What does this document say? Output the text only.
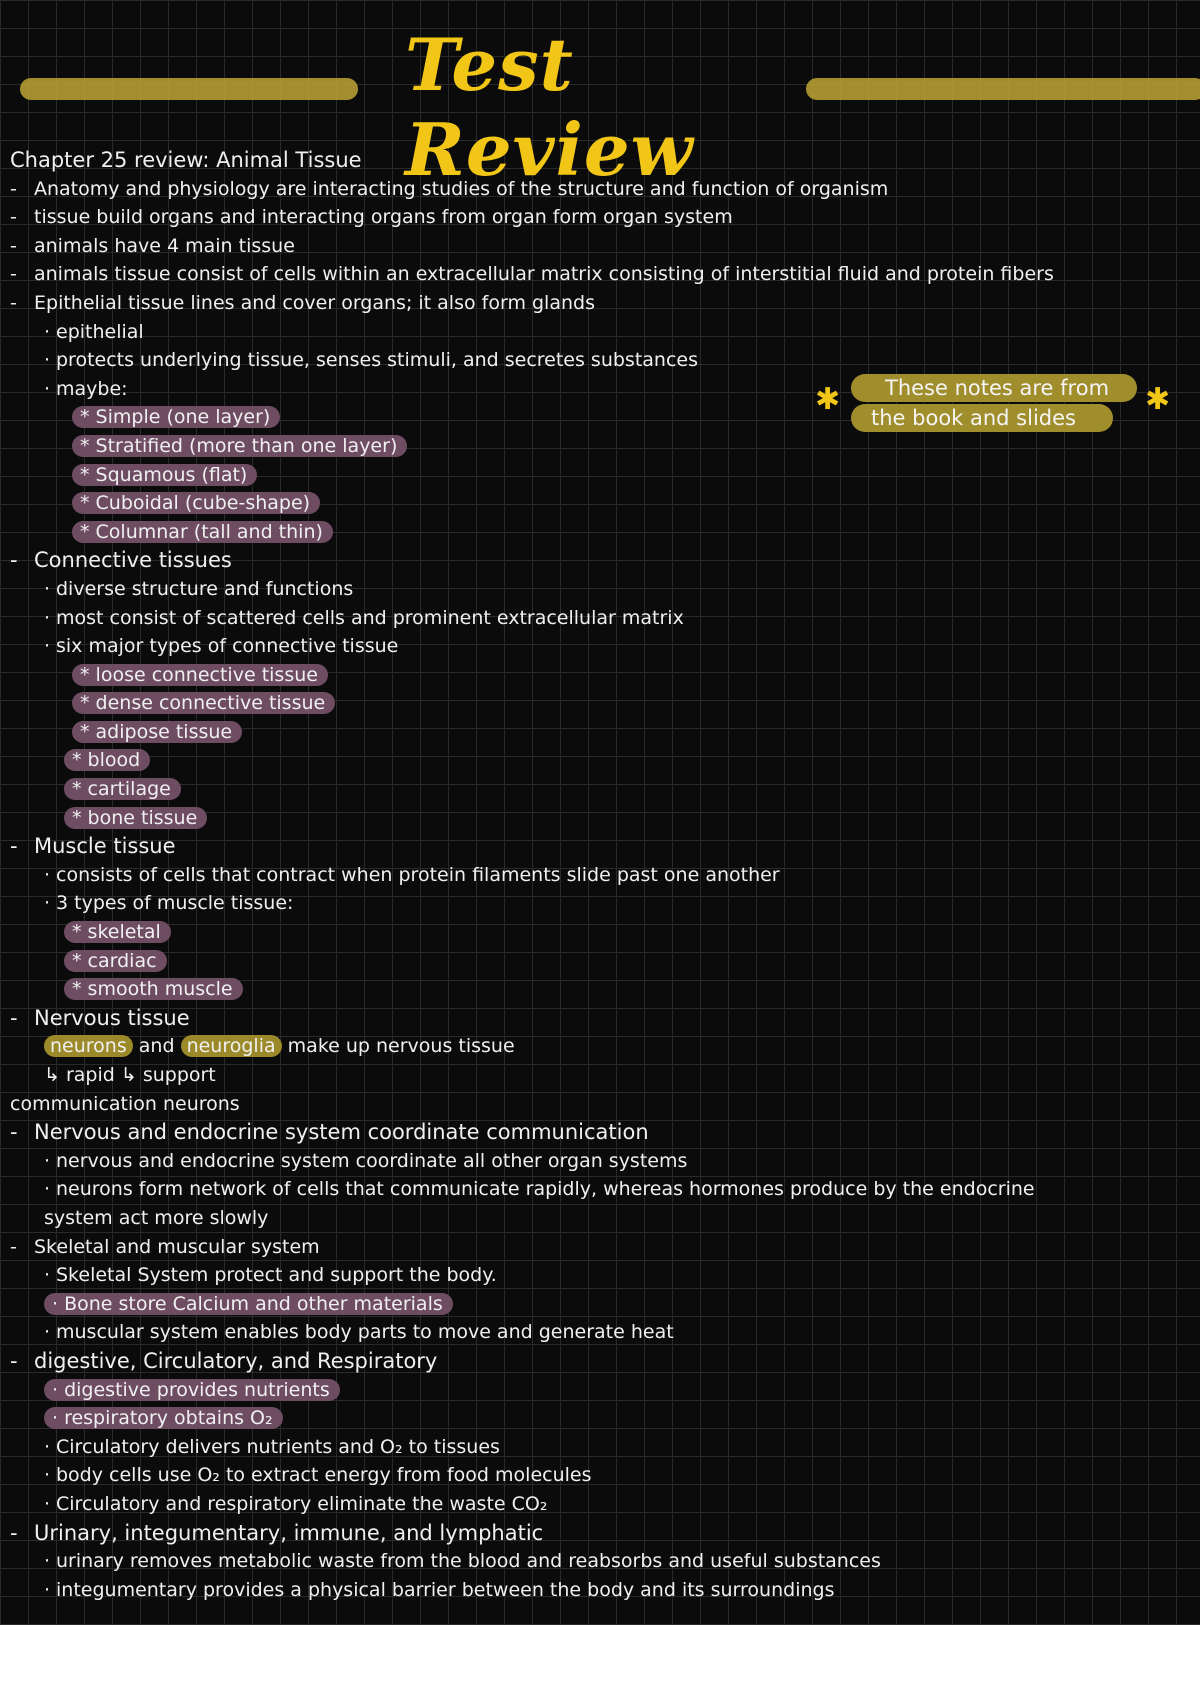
Test Review
Chapter 25 review: Animal Tissue
- Anatomy and physiology are interacting studies of the structure and function of organism
- tissue build organs and interacting organs from organ form organ system
- animals have 4 main tissue
- animals tissue consist of cells within an extracellular matrix consisting of interstitial fluid and protein fibers
- Epithelial tissue lines and cover organs; it also form glands
· epithelial
· protects underlying tissue, senses stimuli, and secretes substances
· maybe:
* Simple (one layer)
* Stratified (more than one layer)
* Squamous (flat)
* Cuboidal (cube-shape)
* Columnar (tall and thin)
- Connective tissues
· diverse structure and functions
· most consist of scattered cells and prominent extracellular matrix
· six major types of connective tissue
* loose connective tissue
* dense connective tissue
* adipose tissue
* blood
* cartilage
* bone tissue
- Muscle tissue
· consists of cells that contract when protein filaments slide past one another
· 3 types of muscle tissue:
* skeletal
* cardiac
* smooth muscle
- Nervous tissue
neurons and neuroglia make up nervous tissue
↳ rapid ↳ support
communication neurons
- Nervous and endocrine system coordinate communication
· nervous and endocrine system coordinate all other organ systems
· neurons form network of cells that communicate rapidly, whereas hormones produce by the endocrine
system act more slowly
- Skeletal and muscular system
· Skeletal System protect and support the body.
· Bone store Calcium and other materials
· muscular system enables body parts to move and generate heat
- digestive, Circulatory, and Respiratory
· digestive provides nutrients
· respiratory obtains O₂
· Circulatory delivers nutrients and O₂ to tissues
· body cells use O₂ to extract energy from food molecules
· Circulatory and respiratory eliminate the waste CO₂
- Urinary, integumentary, immune, and lymphatic
· urinary removes metabolic waste from the blood and reabsorbs and useful substances
· integumentary provides a physical barrier between the body and its surroundings
✱	These notes are from
the book and slides
✱
